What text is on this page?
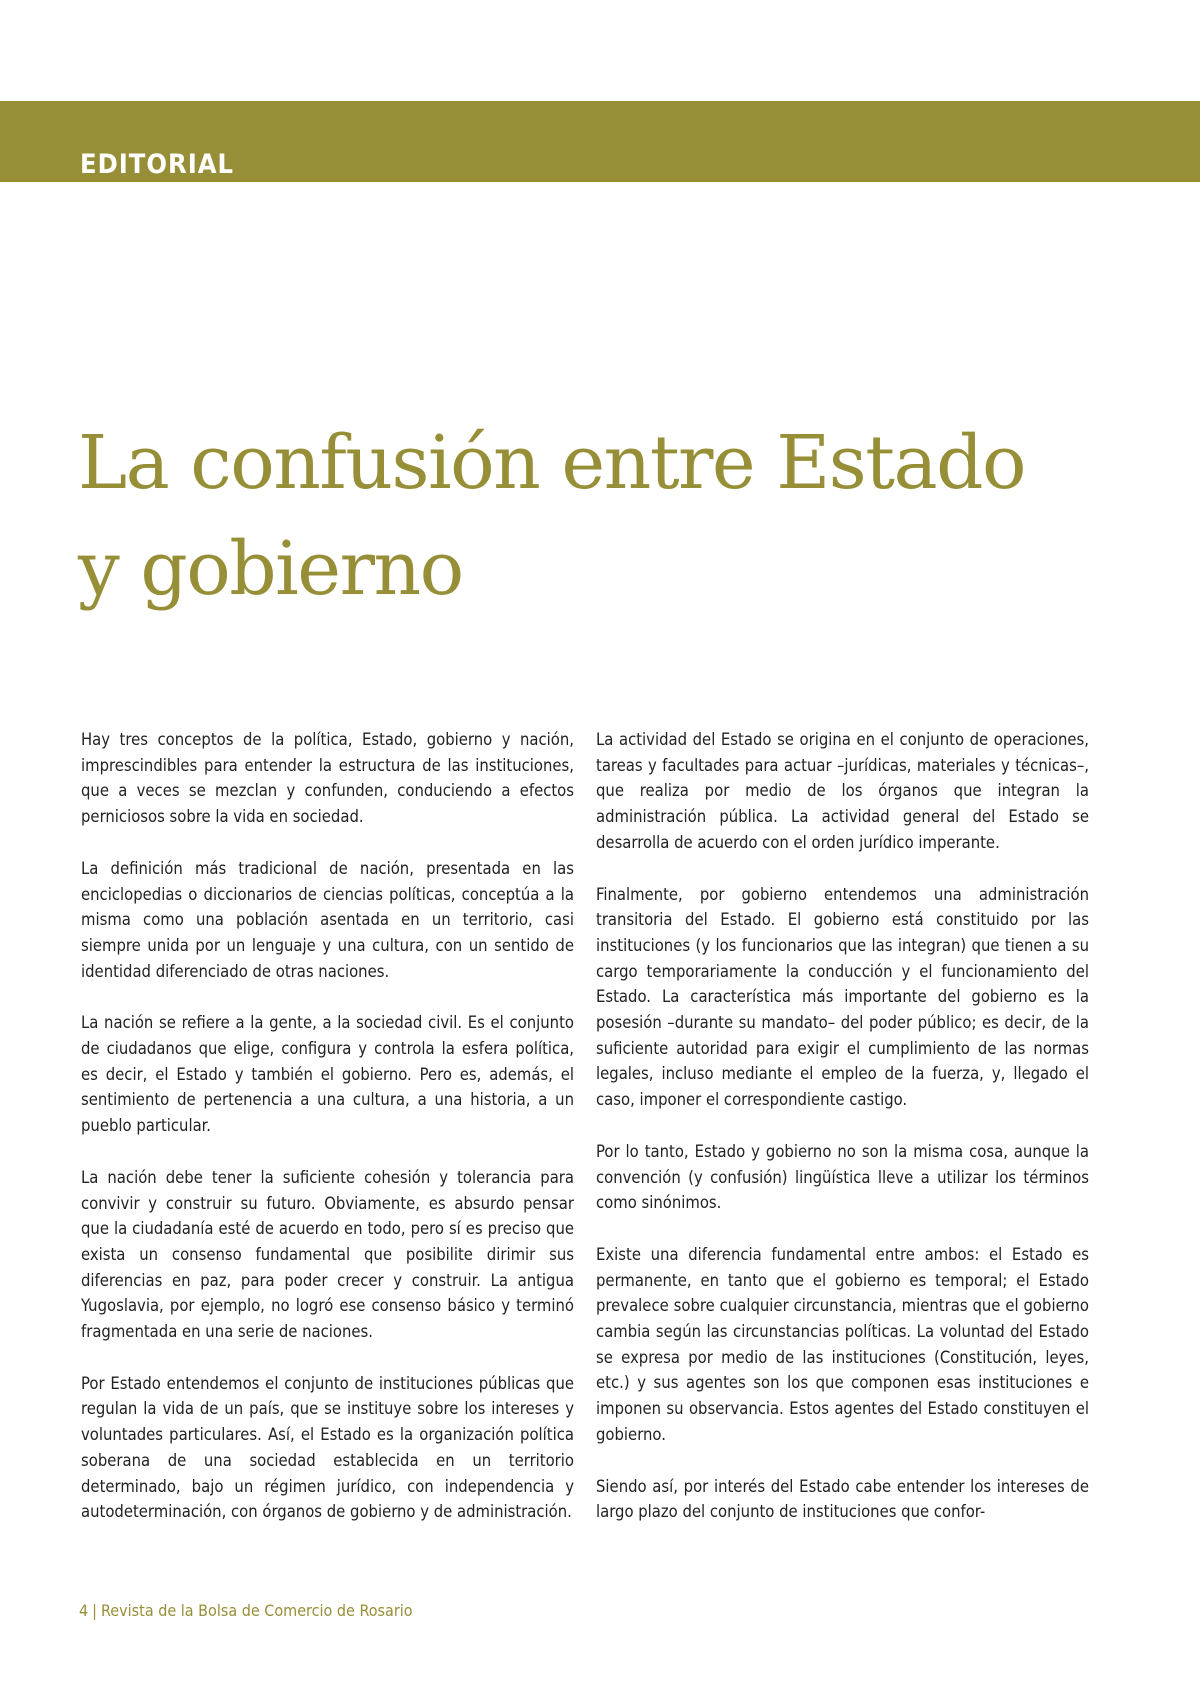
EDITORIAL
La confusión entre Estado
y gobierno

Hay tres conceptos de la política, Estado, gobierno y nación, imprescindibles para entender la estructura de las instituciones, que a veces se mezclan y confunden, conduciendo a efectos perniciosos sobre la vida en sociedad.

La definición más tradicional de nación, presentada en las enciclopedias o diccionarios de ciencias políticas, conceptúa a la misma como una población asentada en un territorio, casi siempre unida por un lenguaje y una cultura, con un sentido de identidad diferenciado de otras naciones.

La nación se refiere a la gente, a la sociedad civil. Es el conjunto de ciudadanos que elige, configura y controla la esfera política, es decir, el Estado y también el gobierno. Pero es, además, el sentimiento de pertenencia a una cultura, a una historia, a un pueblo particular.

La nación debe tener la suficiente cohesión y tolerancia para convivir y construir su futuro. Obviamente, es absurdo pensar que la ciudadanía esté de acuerdo en todo, pero sí es preciso que exista un consenso fundamental que posibilite dirimir sus diferencias en paz, para poder crecer y construir. La antigua Yugoslavia, por ejemplo, no logró ese consenso básico y terminó fragmentada en una serie de naciones.

Por Estado entendemos el conjunto de instituciones públicas que regulan la vida de un país, que se instituye sobre los intereses y voluntades particulares. Así, el Estado es la organización política soberana de una sociedad establecida en un territorio determinado, bajo un régimen jurídico, con independencia y autodeterminación, con órganos de gobierno y de administración.

La actividad del Estado se origina en el conjunto de operaciones, tareas y facultades para actuar –jurídicas, materiales y técnicas–, que realiza por medio de los órganos que integran la administración pública. La actividad general del Estado se desarrolla de acuerdo con el orden jurídico imperante.

Finalmente, por gobierno entendemos una administración transitoria del Estado. El gobierno está constituido por las instituciones (y los funcionarios que las integran) que tienen a su cargo temporariamente la conducción y el funcionamiento del Estado. La característica más importante del gobierno es la posesión –durante su mandato– del poder público; es decir, de la suficiente autoridad para exigir el cumplimiento de las normas legales, incluso mediante el empleo de la fuerza, y, llegado el caso, imponer el correspondiente castigo.

Por lo tanto, Estado y gobierno no son la misma cosa, aunque la convención (y confusión) lingüística lleve a utilizar los términos como sinónimos.

Existe una diferencia fundamental entre ambos: el Estado es permanente, en tanto que el gobierno es temporal; el Estado prevalece sobre cualquier circunstancia, mientras que el gobierno cambia según las circunstancias políticas. La voluntad del Estado se expresa por medio de las instituciones (Constitución, leyes, etc.) y sus agentes son los que componen esas instituciones e imponen su observancia. Estos agentes del Estado constituyen el gobierno.

Siendo así, por interés del Estado cabe entender los intereses de largo plazo del conjunto de instituciones que confor-

4 | Revista de la Bolsa de Comercio de Rosario
